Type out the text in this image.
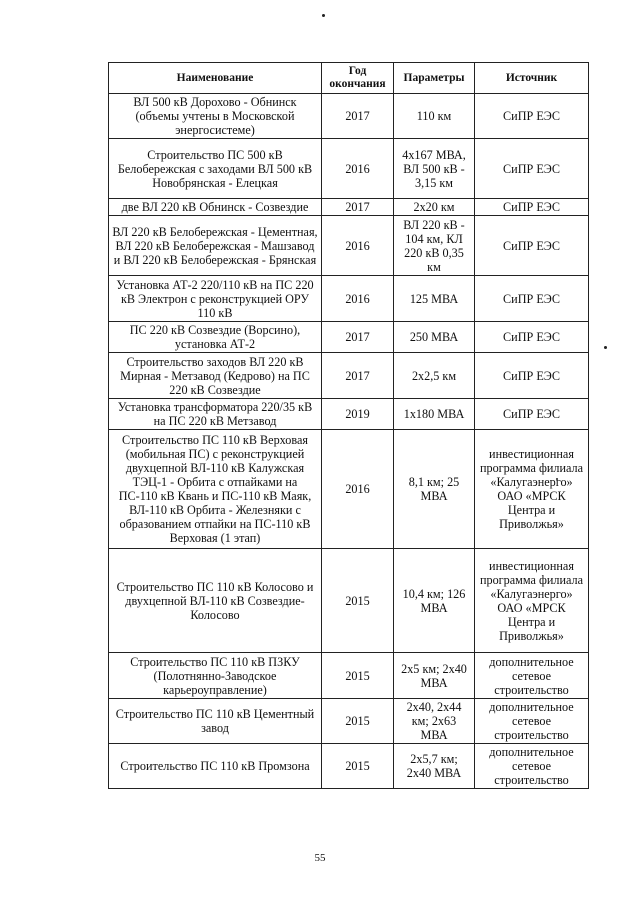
Наименование	Год окончания	Параметры	Источник
ВЛ 500 кВ Дорохово - Обнинск (объемы учтены в Московской энергосистеме)	2017	110 км	СиПР ЕЭС
Строительство ПС 500 кВ Белобережская с заходами ВЛ 500 кВ Новобрянская - Елецкая	2016	4х167 МВА, ВЛ 500 кВ - 3,15 км	СиПР ЕЭС
две ВЛ 220 кВ Обнинск - Созвездие	2017	2х20 км	СиПР ЕЭС
ВЛ 220 кВ Белобережская - Цементная, ВЛ 220 кВ Белобережская - Машзавод и ВЛ 220 кВ Белобережская - Брянская	2016	ВЛ 220 кВ - 104 км, КЛ 220 кВ 0,35 км	СиПР ЕЭС
Установка АТ-2 220/110 кВ на ПС 220 кВ Электрон с реконструкцией ОРУ 110 кВ	2016	125 МВА	СиПР ЕЭС
ПС 220 кВ Созвездие (Ворсино), установка АТ-2	2017	250 МВА	СиПР ЕЭС
Строительство заходов ВЛ 220 кВ Мирная - Метзавод (Кедрово) на ПС 220 кВ Созвездие	2017	2х2,5 км	СиПР ЕЭС
Установка трансформатора 220/35 кВ на ПС 220 кВ Метзавод	2019	1х180 МВА	СиПР ЕЭС
Строительство ПС 110 кВ Верховая (мобильная ПС) с реконструкцией двухцепной ВЛ-110 кВ Калужская ТЭЦ-1 - Орбита с отпайками на ПС-110 кВ Квань и ПС-110 кВ Маяк, ВЛ-110 кВ Орбита - Железняки с образованием отпайки на ПС-110 кВ Верховая (1 этап)	2016	8,1 км; 25 МВА	инвестиционная программа филиала «Калугаэнерго» ОАО «МРСК Центра и Приволжья»
Строительство ПС 110 кВ Колосово и двухцепной ВЛ-110 кВ Созвездие-Колосово	2015	10,4 км; 126 МВА	инвестиционная программа филиала «Калугаэнерго» ОАО «МРСК Центра и Приволжья»
Строительство ПС 110 кВ ПЗКУ (Полотнянно-Заводское карьероуправление)	2015	2х5 км; 2х40 МВА	дополнительное сетевое строительство
Строительство ПС 110 кВ Цементный завод	2015	2х40, 2х44 км; 2х63 МВА	дополнительное сетевое строительство
Строительство ПС 110 кВ Промзона	2015	2х5,7 км; 2х40 МВА	дополнительное сетевое строительство
55
